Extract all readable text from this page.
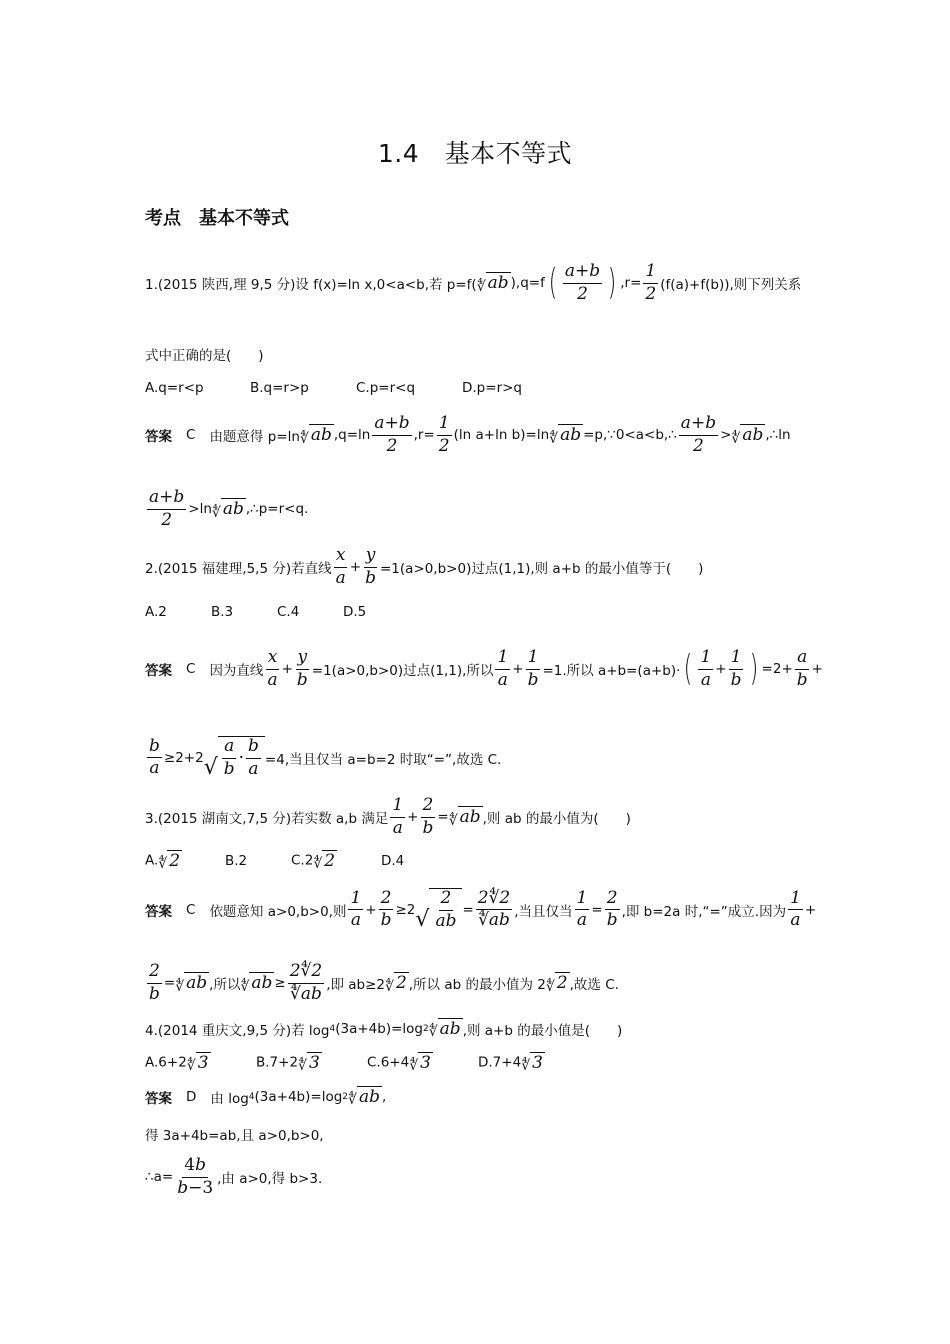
1.4　基本不等式
考点　基本不等式
1.(2015 陕西,理 9,5 分)设 f(x)=ln x,0<a<b,若 p=f( ∜ ab ),q=f ( $\frac{a+b}{2}$ ) $,r= \frac{1}{2} (f(a)+f(b))$,则下列关系
式中正确的是(　　)
A.q=r<p	B.q=r>p	C.p=r<q	D.p=r>q
答案 C 由题意得 p=ln ∜ ab $,q=\ln \frac{a+b}{2} ,r= \frac{1}{2} (\ln$ a+ln b)=ln ∜ ab =p,∵0<a<b,∴ $\frac{a+b}{2}$ > ∜ ab ,∴ln
$\frac{a+b}{2} >\ln$ ∜ ab ,∴p=r<q.
2.(2015 福建理,5,5 分)若直线 $\frac{x}{a} + \frac{y}{b} =1(a>0,b>0)$过点(1,1),则 a+b 的最小值等于(　　)
A.2	B.3	C.4	D.5
答案 C 因为直线 $\frac{x}{a} + \frac{y}{b} =1(a>0,b>0)$过点(1,1),所以 $\frac{1}{a} + \frac{1}{b} =1$.所以 a+b=(a+b)· ( $\frac{1}{a} + \frac{1}{b}$ ) $=2+ \frac{a}{b}$ +
$\frac{b}{a} \ge 2+2$ √ $\frac{a}{b} \cdot \frac{b}{a} =4$,当且仅当 a=b=2 时取“=”,故选 C.
3.(2015 湖南文,7,5 分)若实数 a,b 满足 $\frac{1}{a} + \frac{2}{b}$ = ∜ ab ,则 ab 的最小值为(　　)
A. ∜ 2	B.2	C.2 ∜ 2	D.4
答案 C 依题意知 a>0,b>0,则 $\frac{1}{a} + \frac{2}{b} \ge 2$ √ $\frac{2}{ab} = \frac{2∜2}{∜ab}$ ,当且仅当 $\frac{1}{a} = \frac{2}{b}$ ,即 b=2a 时,“=”成立.因为 $\frac{1}{a}$ +
$\frac{2}{b}$ = ∜ ab ,所以 ∜ ab ≥ $\frac{2∜2}{∜ab}$ ,即 ab≥2 ∜ 2 ,所以 ab 的最小值为 2 ∜ 2 ,故选 C.
4.(2014 重庆文,9,5 分)若 log 4 (3a+4b)=log 2 ∜ ab ,则 a+b 的最小值是(　　)
A.6+2 ∜ 3	B.7+2 ∜ 3	C.6+4 ∜ 3	D.7+4 ∜ 3
答案 D 由 log 4 (3a+4b)=log 2 ∜ ab ,
得 3a+4b=ab,且 a>0,b>0,
∴a= $\frac{4b}{b-3}$ ,由 a>0,得 b>3.
